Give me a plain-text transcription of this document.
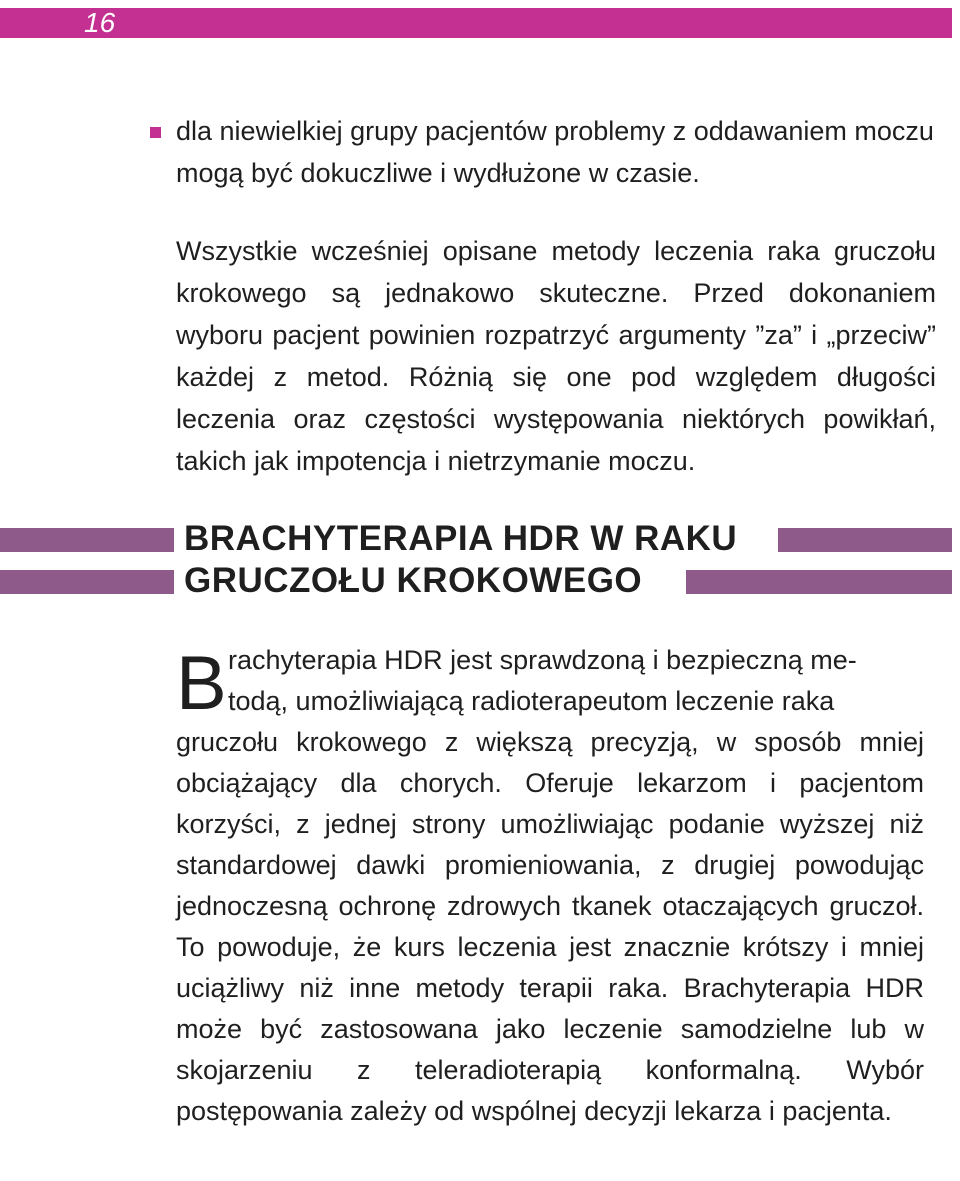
16
dla niewielkiej grupy pacjentów problemy z oddawaniem moczu mogą być dokuczliwe i wydłużone w czasie.
Wszystkie wcześniej opisane metody leczenia raka gruczołu krokowego są jednakowo skuteczne. Przed dokonaniem wyboru pacjent powinien rozpatrzyć argumenty ”za” i „przeciw” każdej z metod. Różnią się one pod względem długości leczenia oraz częstości występowania niektórych powikłań, takich jak impotencja i nietrzymanie moczu.
BRACHYTERAPIA HDR W RAKU
GRUCZOŁU KROKOWEGO
B rachyterapia HDR jest sprawdzoną i bezpieczną me-
todą, umożliwiającą radioterapeutom leczenie raka
gruczołu krokowego z większą precyzją, w sposób mniej obciążający dla chorych. Oferuje lekarzom i pacjentom korzyści, z jednej strony umożliwiając podanie wyższej niż standardowej dawki promieniowania, z drugiej powodując jednoczesną ochronę zdrowych tkanek otaczających gruczoł. To powoduje, że kurs leczenia jest znacznie krótszy i mniej uciążliwy niż inne metody terapii raka. Brachyterapia HDR może być zastosowana jako leczenie samodzielne lub w skojarzeniu z teleradioterapią konformalną. Wybór postępowania zależy od wspólnej decyzji lekarza i pacjenta.
